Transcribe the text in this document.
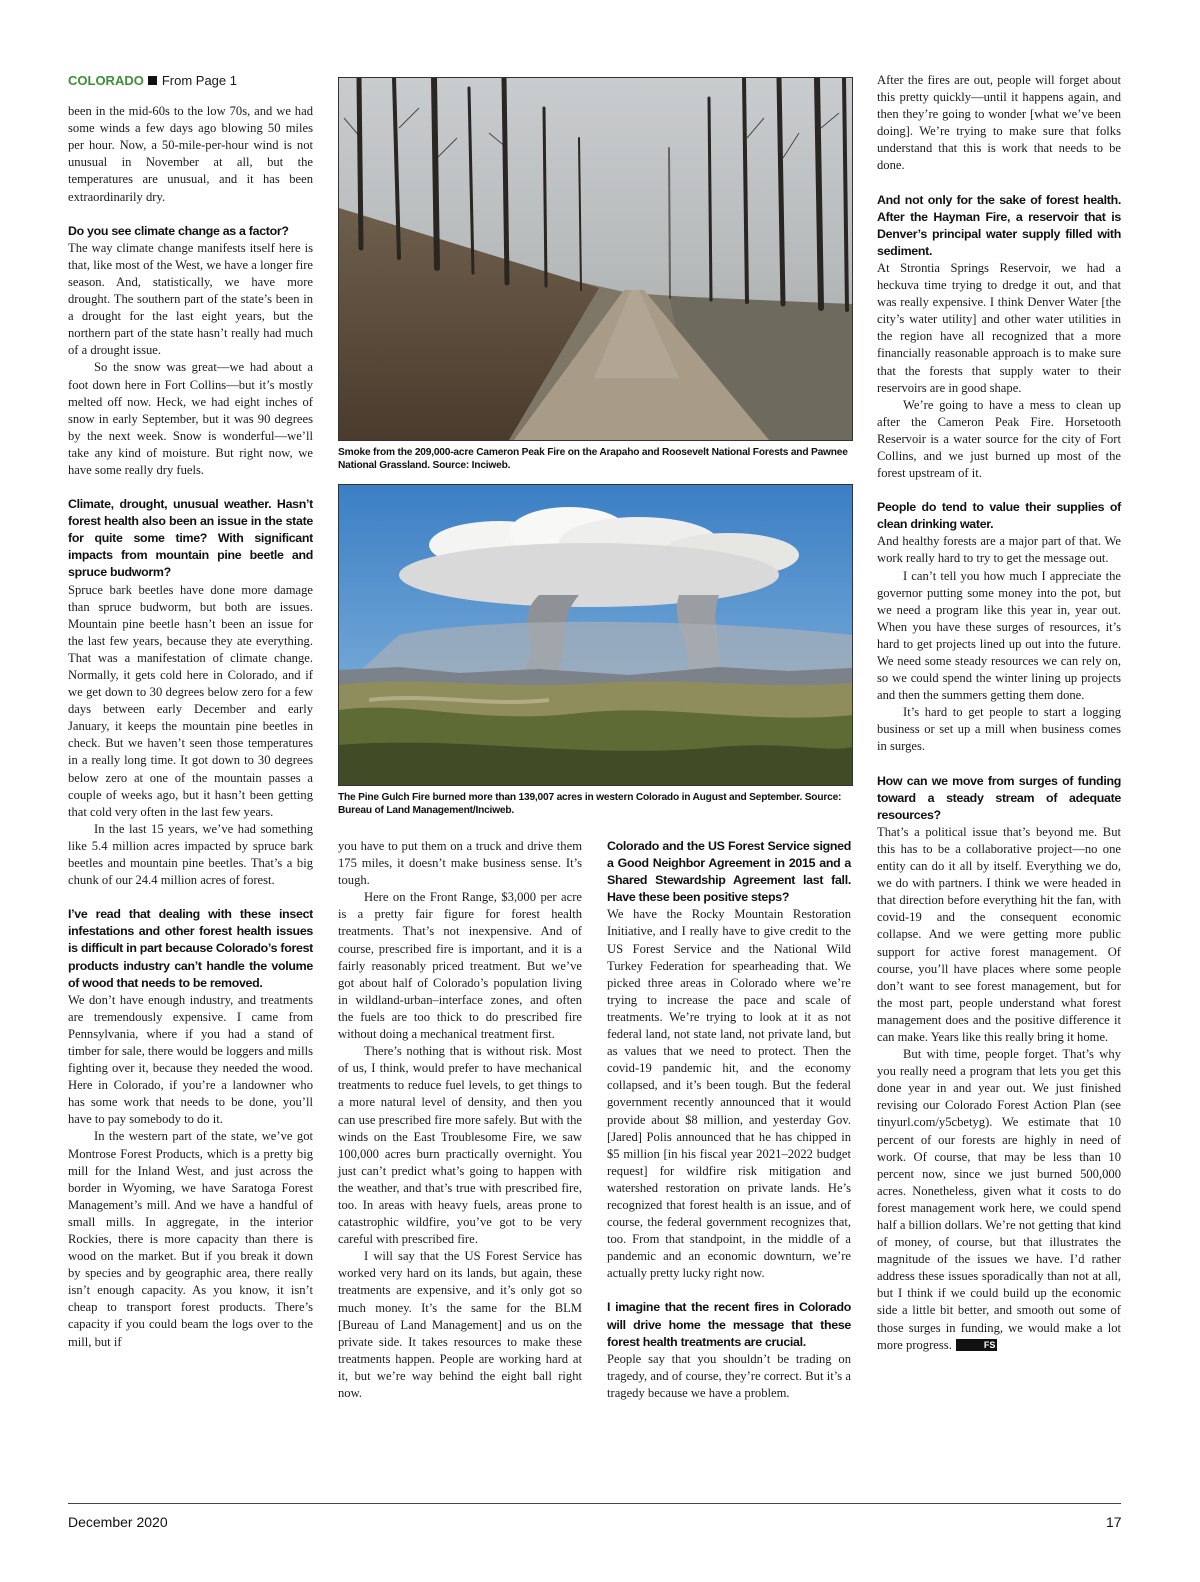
COLORADO From Page 1

been in the mid-60s to the low 70s, and we had some winds a few days ago blowing 50 miles per hour. Now, a 50-mile-per-hour wind is not unusual in November at all, but the temperatures are unusual, and it has been extraordinarily dry.

Do you see climate change as a factor?

The way climate change manifests itself here is that, like most of the West, we have a longer fire season. And, statistically, we have more drought. The southern part of the state’s been in a drought for the last eight years, but the northern part of the state hasn’t really had much of a drought issue.

So the snow was great—we had about a foot down here in Fort Collins—but it’s mostly melted off now. Heck, we had eight inches of snow in early September, but it was 90 degrees by the next week. Snow is wonderful—we’ll take any kind of moisture. But right now, we have some really dry fuels.

Climate, drought, unusual weather. Hasn’t forest health also been an issue in the state for quite some time? With significant impacts from mountain pine beetle and spruce budworm?

Spruce bark beetles have done more damage than spruce budworm, but both are issues. Mountain pine beetle hasn’t been an issue for the last few years, because they ate everything. That was a manifestation of climate change. Normally, it gets cold here in Colorado, and if we get down to 30 degrees below zero for a few days between early December and early January, it keeps the mountain pine beetles in check. But we haven’t seen those temperatures in a really long time. It got down to 30 degrees below zero at one of the mountain passes a couple of weeks ago, but it hasn’t been getting that cold very often in the last few years.

In the last 15 years, we’ve had something like 5.4 million acres impacted by spruce bark beetles and mountain pine beetles. That’s a big chunk of our 24.4 million acres of forest.

I’ve read that dealing with these insect infestations and other forest health issues is difficult in part because Colorado’s forest products industry can’t handle the volume of wood that needs to be removed.

We don’t have enough industry, and treatments are tremendously expensive. I came from Pennsylvania, where if you had a stand of timber for sale, there would be loggers and mills fighting over it, because they needed the wood. Here in Colorado, if you’re a landowner who has some work that needs to be done, you’ll have to pay somebody to do it.

In the western part of the state, we’ve got Montrose Forest Products, which is a pretty big mill for the Inland West, and just across the border in Wyoming, we have Saratoga Forest Management’s mill. And we have a handful of small mills. In aggregate, in the interior Rockies, there is more capacity than there is wood on the market. But if you break it down by species and by geographic area, there really isn’t enough capacity. As you know, it isn’t cheap to transport forest products. There’s capacity if you could beam the logs over to the mill, but if

Smoke from the 209,000-acre Cameron Peak Fire on the Arapaho and Roosevelt National Forests and Pawnee National Grassland. Source: Inciweb.
The Pine Gulch Fire burned more than 139,007 acres in western Colorado in August and September. Source: Bureau of Land Management/Inciweb.

you have to put them on a truck and drive them 175 miles, it doesn’t make business sense. It’s tough.

Here on the Front Range, $3,000 per acre is a pretty fair figure for forest health treatments. That’s not inexpensive. And of course, prescribed fire is important, and it is a fairly reasonably priced treatment. But we’ve got about half of Colorado’s population living in wildland-urban–interface zones, and often the fuels are too thick to do prescribed fire without doing a mechanical treatment first.

There’s nothing that is without risk. Most of us, I think, would prefer to have mechanical treatments to reduce fuel levels, to get things to a more natural level of density, and then you can use prescribed fire more safely. But with the winds on the East Troublesome Fire, we saw 100,000 acres burn practically overnight. You just can’t predict what’s going to happen with the weather, and that’s true with prescribed fire, too. In areas with heavy fuels, areas prone to catastrophic wildfire, you’ve got to be very careful with prescribed fire.

I will say that the US Forest Service has worked very hard on its lands, but again, these treatments are expensive, and it’s only got so much money. It’s the same for the BLM [Bureau of Land Management] and us on the private side. It takes resources to make these treatments happen. People are working hard at it, but we’re way behind the eight ball right now.

Colorado and the US Forest Service signed a Good Neighbor Agreement in 2015 and a Shared Stewardship Agreement last fall. Have these been positive steps?

We have the Rocky Mountain Restoration Initiative, and I really have to give credit to the US Forest Service and the National Wild Turkey Federation for spearheading that. We picked three areas in Colorado where we’re trying to increase the pace and scale of treatments. We’re trying to look at it as not federal land, not state land, not private land, but as values that we need to protect. Then the covid-19 pandemic hit, and the economy collapsed, and it’s been tough. But the federal government recently announced that it would provide about $8 million, and yesterday Gov. [Jared] Polis announced that he has chipped in $5 million [in his fiscal year 2021–2022 budget request] for wildfire risk mitigation and watershed restoration on private lands. He’s recognized that forest health is an issue, and of course, the federal government recognizes that, too. From that standpoint, in the middle of a pandemic and an economic downturn, we’re actually pretty lucky right now.

I imagine that the recent fires in Colorado will drive home the message that these forest health treatments are crucial.

People say that you shouldn’t be trading on tragedy, and of course, they’re correct. But it’s a tragedy because we have a problem.

After the fires are out, people will forget about this pretty quickly—until it happens again, and then they’re going to wonder [what we’ve been doing]. We’re trying to make sure that folks understand that this is work that needs to be done.

And not only for the sake of forest health. After the Hayman Fire, a reservoir that is Denver’s principal water supply filled with sediment.

At Strontia Springs Reservoir, we had a heckuva time trying to dredge it out, and that was really expensive. I think Denver Water [the city’s water utility] and other water utilities in the region have all recognized that a more financially reasonable approach is to make sure that the forests that supply water to their reservoirs are in good shape.

We’re going to have a mess to clean up after the Cameron Peak Fire. Horsetooth Reservoir is a water source for the city of Fort Collins, and we just burned up most of the forest upstream of it.

People do tend to value their supplies of clean drinking water.

And healthy forests are a major part of that. We work really hard to try to get the message out.

I can’t tell you how much I appreciate the governor putting some money into the pot, but we need a program like this year in, year out. When you have these surges of resources, it’s hard to get projects lined up out into the future. We need some steady resources we can rely on, so we could spend the winter lining up projects and then the summers getting them done.

It’s hard to get people to start a logging business or set up a mill when business comes in surges.

How can we move from surges of funding toward a steady stream of adequate resources?

That’s a political issue that’s beyond me. But this has to be a collaborative project—no one entity can do it all by itself. Everything we do, we do with partners. I think we were headed in that direction before everything hit the fan, with covid-19 and the consequent economic collapse. And we were getting more public support for active forest management. Of course, you’ll have places where some people don’t want to see forest management, but for the most part, people understand what forest management does and the positive difference it can make. Years like this really bring it home.

But with time, people forget. That’s why you really need a program that lets you get this done year in and year out. We just finished revising our Colorado Forest Action Plan (see tinyurl.com/y5cbetyg). We estimate that 10 percent of our forests are highly in need of work. Of course, that may be less than 10 percent now, since we just burned 500,000 acres. Nonetheless, given what it costs to do forest management work here, we could spend half a billion dollars. We’re not getting that kind of money, of course, but that illustrates the magnitude of the issues we have. I’d rather address these issues sporadically than not at all, but I think if we could build up the economic side a little bit better, and smooth out some of those surges in funding, we would make a lot more progress.	FS

December 2020	17
